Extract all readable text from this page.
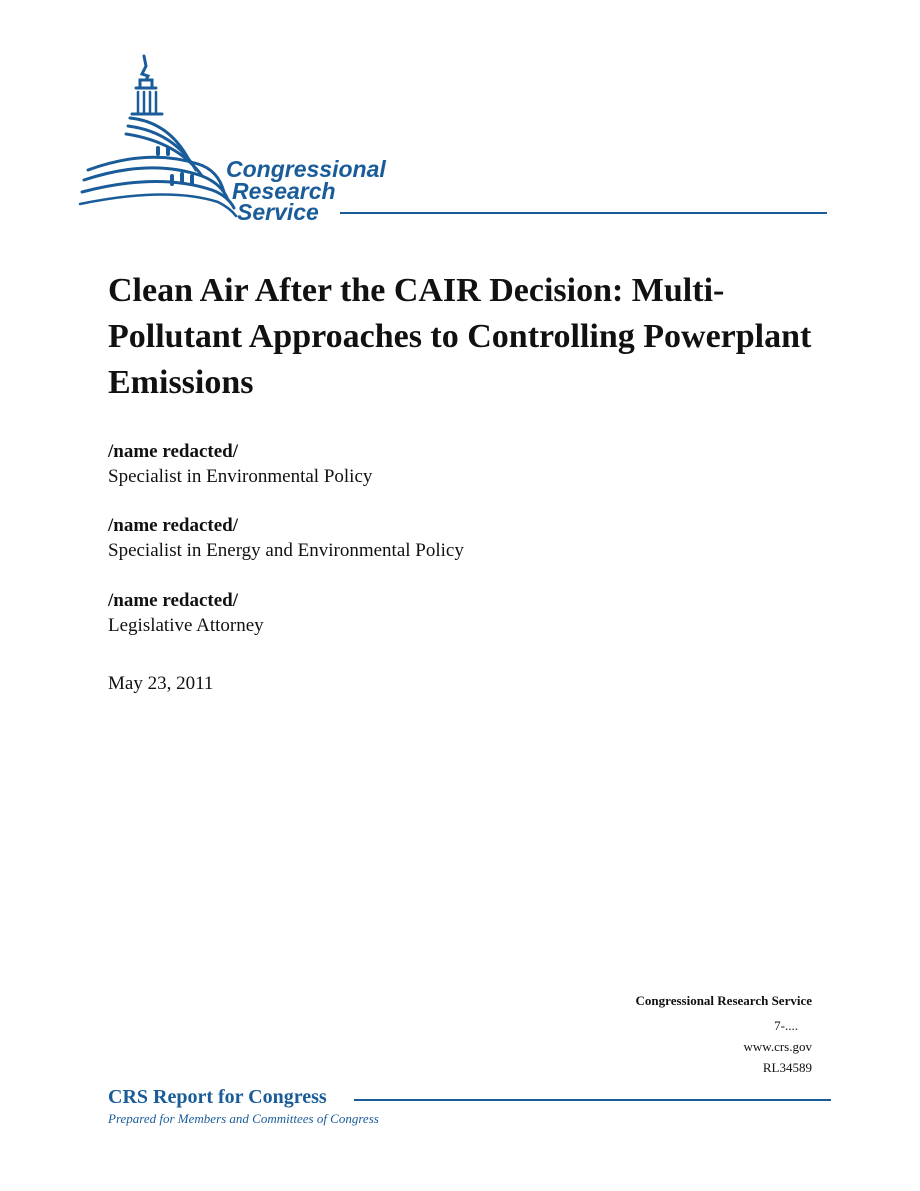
Congressional
Research
Service
Clean Air After the CAIR Decision: Multi-Pollutant Approaches to Controlling Powerplant Emissions

/name redacted/

Specialist in Environmental Policy

/name redacted/

Specialist in Energy and Environmental Policy

/name redacted/

Legislative Attorney

May 23, 2011

Congressional Research Service

7-....

www.crs.gov

RL34589

CRS Report for Congress

Prepared for Members and Committees of Congress
